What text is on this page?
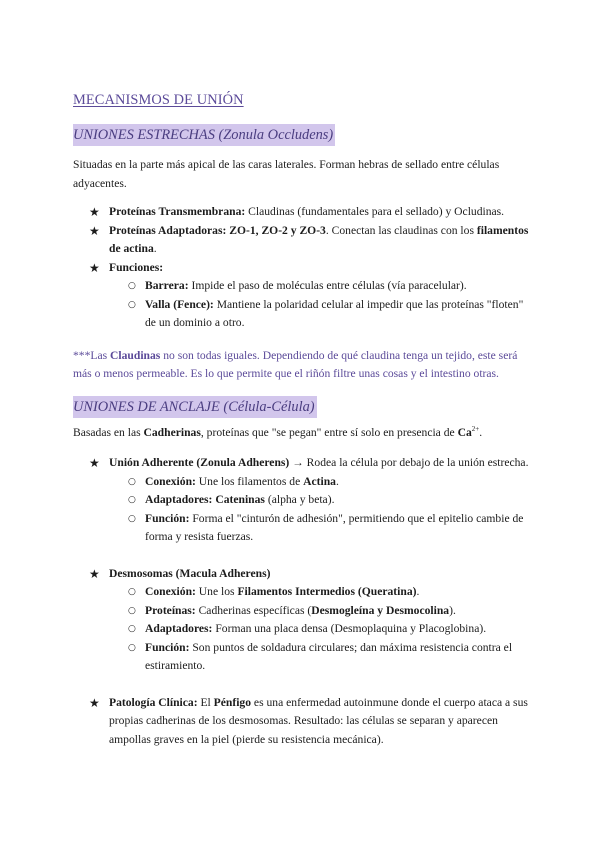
MECANISMOS DE UNIÓN
UNIONES ESTRECHAS (Zonula Occludens)

Situadas en la parte más apical de las caras laterales. Forman hebras de sellado entre células adyacentes.

★ Proteínas Transmembrana: Claudinas (fundamentales para el sellado) y Ocludinas.
★ Proteínas Adaptadoras: ZO-1, ZO-2 y ZO-3. Conectan las claudinas con los filamentos de actina.
★ Funciones:
○ Barrera: Impide el paso de moléculas entre células (vía paracelular).
○ Valla (Fence): Mantiene la polaridad celular al impedir que las proteínas "floten" de un dominio a otro.

***Las Claudinas no son todas iguales. Dependiendo de qué claudina tenga un tejido, este será más o menos permeable. Es lo que permite que el riñón filtre unas cosas y el intestino otras.

UNIONES DE ANCLAJE (Célula-Célula)

Basadas en las Cadherinas, proteínas que "se pegan" entre sí solo en presencia de $Ca^{2+}$.

★ Unión Adherente (Zonula Adherens) → Rodea la célula por debajo de la unión estrecha.
○ Conexión: Une los filamentos de Actina.
○ Adaptadores: Cateninas (alpha y beta).
○ Función: Forma el "cinturón de adhesión", permitiendo que el epitelio cambie de forma y resista fuerzas.
★ Desmosomas (Macula Adherens)
○ Conexión: Une los Filamentos Intermedios (Queratina).
○ Proteínas: Cadherinas específicas (Desmogleína y Desmocolina).
○ Adaptadores: Forman una placa densa (Desmoplaquina y Placoglobina).
○ Función: Son puntos de soldadura circulares; dan máxima resistencia contra el estiramiento.
★ Patología Clínica: El Pénfigo es una enfermedad autoinmune donde el cuerpo ataca a sus propias cadherinas de los desmosomas. Resultado: las células se separan y aparecen ampollas graves en la piel (pierde su resistencia mecánica).
